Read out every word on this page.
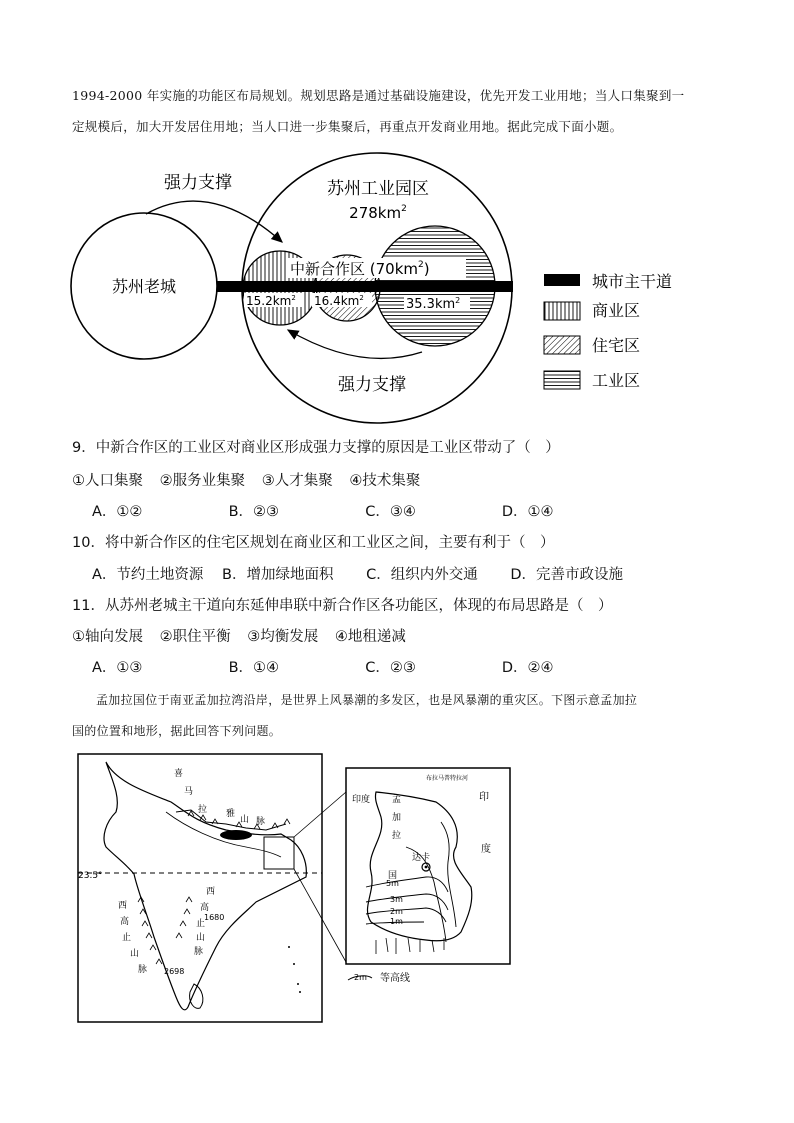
1994-2000 年实施的功能区布局规划。规划思路是通过基础设施建设，优先开发工业用地；当人口集聚到一
定规模后，加大开发居住用地；当人口进一步集聚后，再重点开发商业用地。据此完成下面小题。
苏州老城
苏州工业园区
$278km^2$
中新合作区 $(70km^2)$
$15.2km^2$ $16.4km^2$	$35.3km^2$
强力支撑
强力支撑
城市主干道
商业区
住宅区
工业区
9．中新合作区的工业区对商业区形成强力支撑的原因是工业区带动了（　）
①人口集聚 ②服务业集聚 ③人才集聚 ④技术集聚
A．①②	B．②③	C．③④	D．①④
10．将中新合作区的住宅区规划在商业区和工业区之间，主要有利于（　）
A．节约土地资源 B．增加绿地面积 C．组织内外交通 D．完善市政设施
11．从苏州老城主干道向东延伸串联中新合作区各功能区，体现的布局思路是（　）
①轴向发展 ②职住平衡 ③均衡发展 ④地租递减
A．①③	B．①④	C．②③	D．②④
孟加拉国位于南亚孟加拉湾沿岸，是世界上风暴潮的多发区，也是风暴潮的重灾区。下图示意孟加拉
国的位置和地形，据此回答下列问题。
23.5°
喜
马
拉 雅
山 脉
西
高
止
山
脉
西
高
止
山
脉
1680
2698
达卡
布拉马普特拉河
印度	印
度
孟
加
拉
国
5m
3m
2m
1m
2m 等高线
